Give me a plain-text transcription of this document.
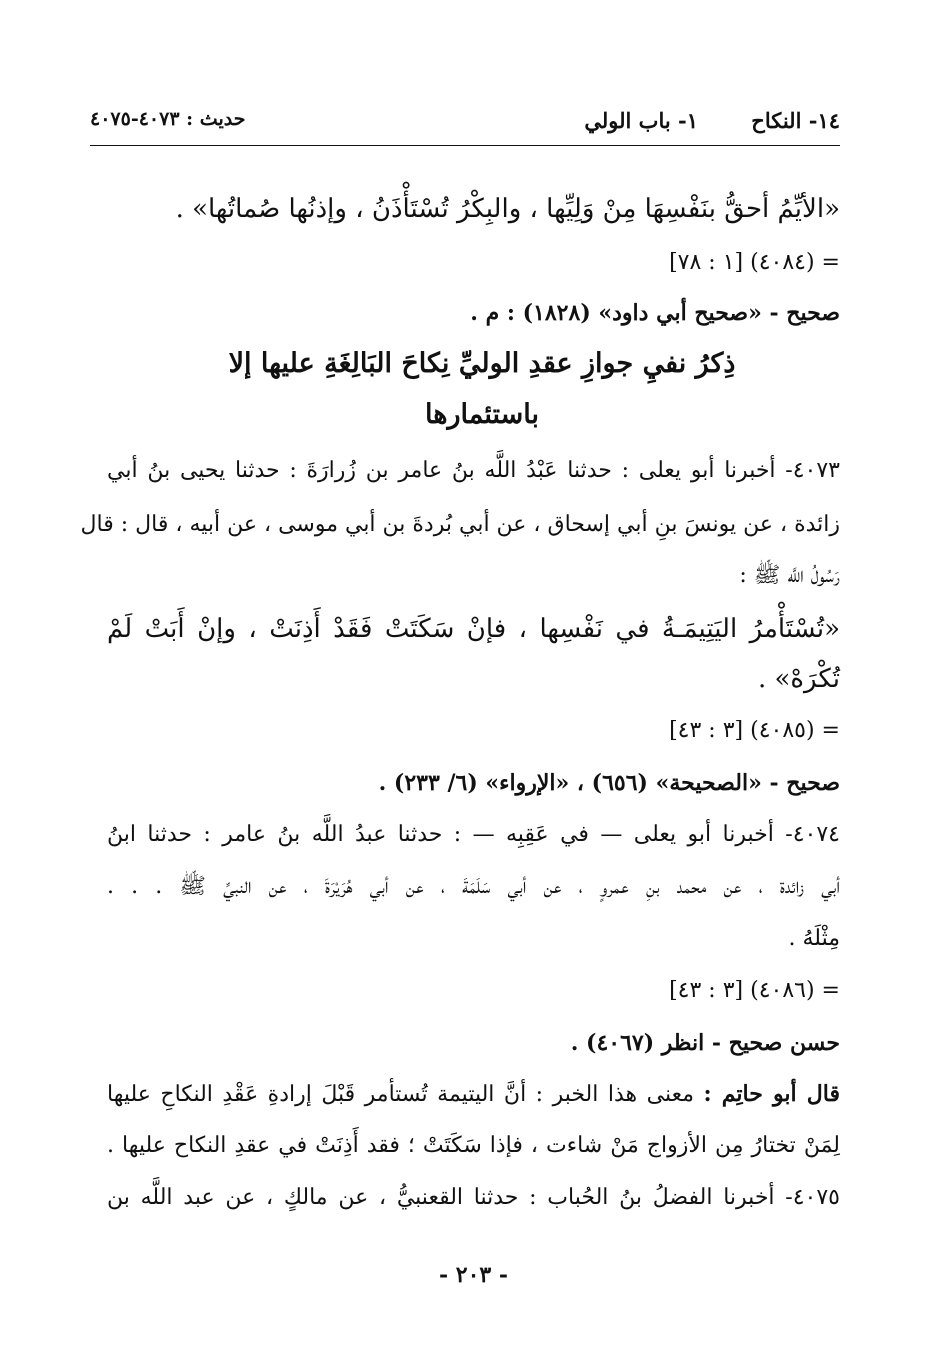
١٤- النكاح
١- باب الولي
حديث : ٤٠٧٣-٤٠٧٥
«الأيِّمُ أحقُّ بنَفْسِهَا مِنْ وَلِيِّها ، والبِكْرُ تُسْتَأْذَنُ ، وإذنُها صُماتُها» .
= (٤٠٨٤) [١ : ٧٨]
صحيح - «صحيح أبي داود» (١٨٢٨) : م .
ذِكرُ نفيِ جوازِ عقدِ الوليِّ نِكاحَ البَالِغَةِ عليها إلا
باستئمارها
٤٠٧٣- أخبرنا أبو يعلى : حدثنا عَبْدُ اللَّه بنُ عامر بن زُرارَةَ : حدثنا يحيى بنُ أبي
زائدة ، عن يونسَ بنِ أبي إسحاق ، عن أبي بُردةَ بن أبي موسى ، عن أبيه ، قال : قال
رَسُولُ اللَّه ﷺ :
«تُسْتَأْمرُ اليَتِيمَـةُ في نَفْسِها ، فإنْ سَكَتَتْ فَقَدْ أَذِنَتْ ، وإنْ أَبَتْ لَمْ
تُكْرَهْ» .
= (٤٠٨٥) [٣ : ٤٣]
صحيح - «الصحيحة» (٦٥٦) ، «الإرواء» (٦/ ٢٣٣) .
٤٠٧٤- أخبرنا أبو يعلى — في عَقِبِه — : حدثنا عبدُ اللَّه بنُ عامر : حدثنا ابنُ
أبي زائدة ، عن محمد بنِ عمروٍ ، عن أبي سَلَمَةَ ، عن أبي هُرَيْرَةَ ، عن النبيِّ ﷺ . . .
مِثْلَهُ .
= (٤٠٨٦) [٣ : ٤٣]
حسن صحيح - انظر (٤٠٦٧) .
قال أبو حاتِم : معنى هذا الخبر : أنَّ اليتيمة تُستأمر قَبْلَ إرادةِ عَقْدِ النكاحِ عليها
لِمَنْ تختارُ مِن الأزواج مَنْ شاءت ، فإذا سَكَتَتْ ؛ فقد أَذِنَتْ في عقدِ النكاح عليها .
٤٠٧٥- أخبرنا الفضلُ بنُ الحُباب : حدثنا القعنبيُّ ، عن مالكٍ ، عن عبد اللَّه بن
- ٢٠٣ -
